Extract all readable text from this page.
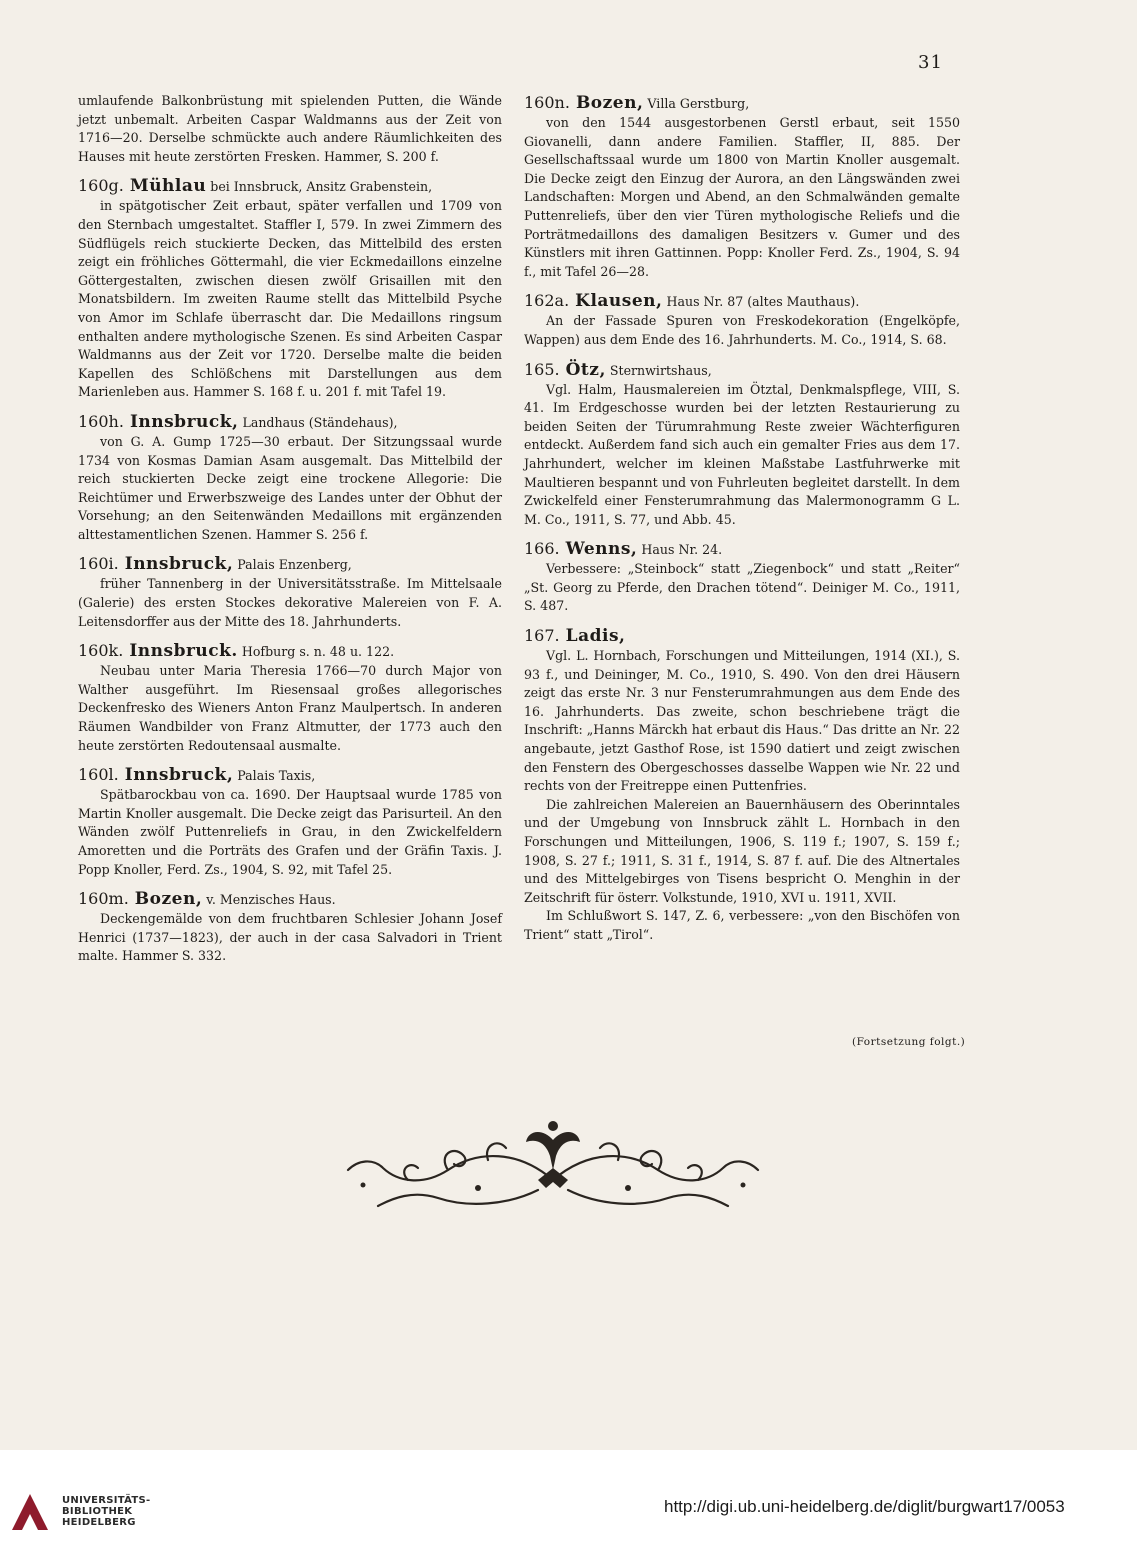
31

umlaufende Balkonbrüstung mit spielenden Putten, die Wände jetzt unbemalt. Arbeiten Caspar Waldmanns aus der Zeit von 1716—20. Derselbe schmückte auch andere Räumlichkeiten des Hauses mit heute zerstörten Fresken. Hammer, S. 200 f.

160g. Mühlau bei Innsbruck, Ansitz Grabenstein,

in spätgotischer Zeit erbaut, später verfallen und 1709 von den Sternbach umgestaltet. Staffler I, 579. In zwei Zimmern des Südflügels reich stuckierte Decken, das Mittelbild des ersten zeigt ein fröhliches Göttermahl, die vier Eckmedaillons einzelne Göttergestalten, zwischen diesen zwölf Grisaillen mit den Monatsbildern. Im zweiten Raume stellt das Mittelbild Psyche von Amor im Schlafe überrascht dar. Die Medaillons ringsum enthalten andere mythologische Szenen. Es sind Arbeiten Caspar Waldmanns aus der Zeit vor 1720. Derselbe malte die beiden Kapellen des Schlößchens mit Darstellungen aus dem Marienleben aus. Hammer S. 168 f. u. 201 f. mit Tafel 19.

160h. Innsbruck, Landhaus (Ständehaus),

von G. A. Gump 1725—30 erbaut. Der Sitzungssaal wurde 1734 von Kosmas Damian Asam ausgemalt. Das Mittelbild der reich stuckierten Decke zeigt eine trockene Allegorie: Die Reichtümer und Erwerbszweige des Landes unter der Obhut der Vorsehung; an den Seitenwänden Medaillons mit ergänzenden alttestamentlichen Szenen. Hammer S. 256 f.

160i. Innsbruck, Palais Enzenberg,

früher Tannenberg in der Universitätsstraße. Im Mittelsaale (Galerie) des ersten Stockes dekorative Malereien von F. A. Leitensdorffer aus der Mitte des 18. Jahrhunderts.

160k. Innsbruck. Hofburg s. n. 48 u. 122.

Neubau unter Maria Theresia 1766—70 durch Major von Walther ausgeführt. Im Riesensaal großes allegorisches Deckenfresko des Wieners Anton Franz Maulpertsch. In anderen Räumen Wandbilder von Franz Altmutter, der 1773 auch den heute zerstörten Redoutensaal ausmalte.

160l. Innsbruck, Palais Taxis,

Spätbarockbau von ca. 1690. Der Hauptsaal wurde 1785 von Martin Knoller ausgemalt. Die Decke zeigt das Parisurteil. An den Wänden zwölf Puttenreliefs in Grau, in den Zwickelfeldern Amoretten und die Porträts des Grafen und der Gräfin Taxis. J. Popp Knoller, Ferd. Zs., 1904, S. 92, mit Tafel 25.

160m. Bozen, v. Menzisches Haus.

Deckengemälde von dem fruchtbaren Schlesier Johann Josef Henrici (1737—1823), der auch in der casa Salvadori in Trient malte. Hammer S. 332.

160n. Bozen, Villa Gerstburg,

von den 1544 ausgestorbenen Gerstl erbaut, seit 1550 Giovanelli, dann andere Familien. Staffler, II, 885. Der Gesellschaftssaal wurde um 1800 von Martin Knoller ausgemalt. Die Decke zeigt den Einzug der Aurora, an den Längswänden zwei Landschaften: Morgen und Abend, an den Schmalwänden gemalte Puttenreliefs, über den vier Türen mythologische Reliefs und die Porträtmedaillons des damaligen Besitzers v. Gumer und des Künstlers mit ihren Gattinnen. Popp: Knoller Ferd. Zs., 1904, S. 94 f., mit Tafel 26—28.

162a. Klausen, Haus Nr. 87 (altes Mauthaus).

An der Fassade Spuren von Freskodekoration (Engelköpfe, Wappen) aus dem Ende des 16. Jahrhunderts. M. Co., 1914, S. 68.

165. Ötz, Sternwirtshaus,

Vgl. Halm, Hausmalereien im Ötztal, Denkmalspflege, VIII, S. 41. Im Erdgeschosse wurden bei der letzten Restaurierung zu beiden Seiten der Türumrahmung Reste zweier Wächterfiguren entdeckt. Außerdem fand sich auch ein gemalter Fries aus dem 17. Jahrhundert, welcher im kleinen Maßstabe Lastfuhrwerke mit Maultieren bespannt und von Fuhrleuten begleitet darstellt. In dem Zwickelfeld einer Fensterumrahmung das Malermonogramm G L. M. Co., 1911, S. 77, und Abb. 45.

166. Wenns, Haus Nr. 24.

Verbessere: „Steinbock“ statt „Ziegenbock“ und statt „Reiter“ „St. Georg zu Pferde, den Drachen tötend“. Deiniger M. Co., 1911, S. 487.

167. Ladis,

Vgl. L. Hornbach, Forschungen und Mitteilungen, 1914 (XI.), S. 93 f., und Deininger, M. Co., 1910, S. 490. Von den drei Häusern zeigt das erste Nr. 3 nur Fensterumrahmungen aus dem Ende des 16. Jahrhunderts. Das zweite, schon beschriebene trägt die Inschrift: „Hanns Märckh hat erbaut dis Haus.“ Das dritte an Nr. 22 angebaute, jetzt Gasthof Rose, ist 1590 datiert und zeigt zwischen den Fenstern des Obergeschosses dasselbe Wappen wie Nr. 22 und rechts von der Freitreppe einen Puttenfries.

Die zahlreichen Malereien an Bauernhäusern des Oberinntales und der Umgebung von Innsbruck zählt L. Hornbach in den Forschungen und Mitteilungen, 1906, S. 119 f.; 1907, S. 159 f.; 1908, S. 27 f.; 1911, S. 31 f., 1914, S. 87 f. auf. Die des Altnertales und des Mittelgebirges von Tisens bespricht O. Menghin in der Zeitschrift für österr. Volkstunde, 1910, XVI u. 1911, XVII.

Im Schlußwort S. 147, Z. 6, verbessere: „von den Bischöfen von Trient“ statt „Tirol“.

(Fortsetzung folgt.)
UNIVERSITÄTS-
BIBLIOTHEK
HEIDELBERG
http://digi.ub.uni-heidelberg.de/diglit/burgwart17/0053
